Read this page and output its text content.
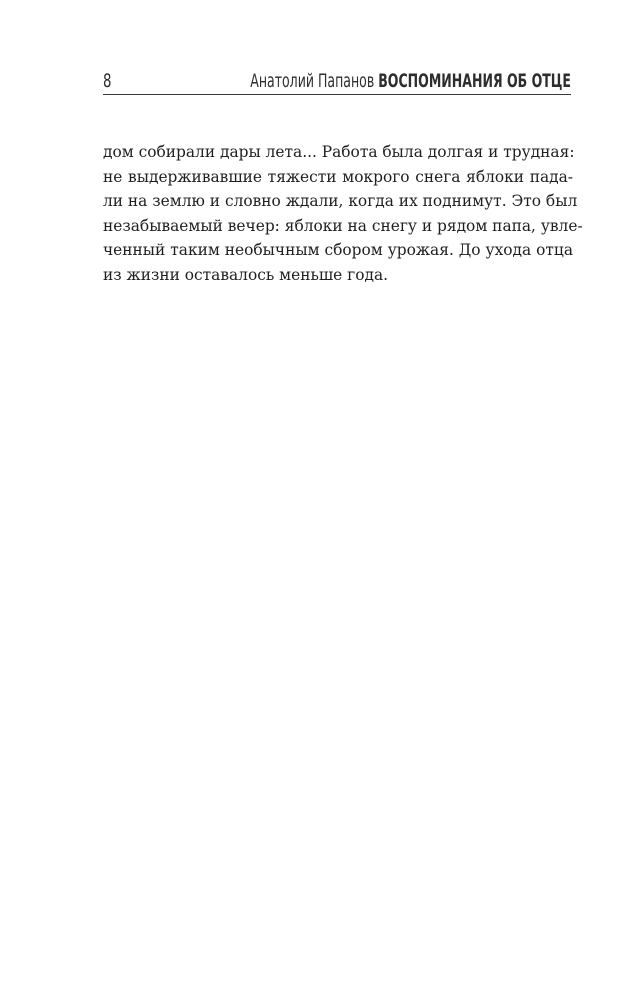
8	Анатолий Папанов ВОСПОМИНАНИЯ ОБ ОТЦЕ
дом собирали дары лета... Работа была долгая и трудная:
не выдерживавшие тяжести мокрого снега яблоки пада-
ли на землю и словно ждали, когда их поднимут. Это был
незабываемый вечер: яблоки на снегу и рядом папа, увле-
ченный таким необычным сбором урожая. До ухода отца
из жизни оставалось меньше года.
